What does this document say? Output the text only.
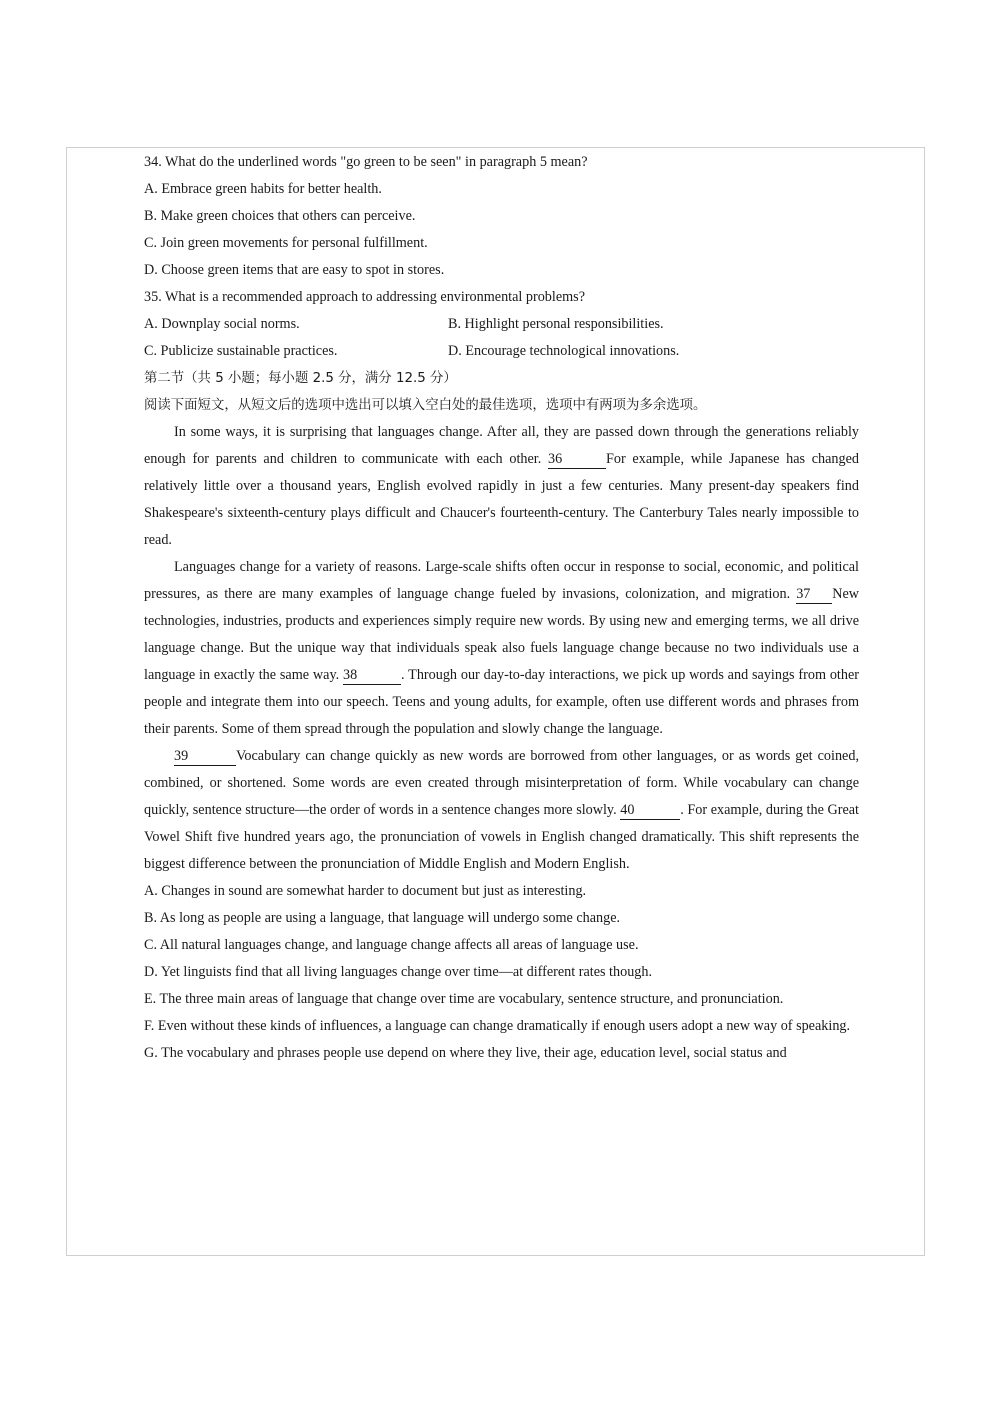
34. What do the underlined words "go green to be seen" in paragraph 5 mean?
A. Embrace green habits for better health.
B. Make green choices that others can perceive.
C. Join green movements for personal fulfillment.
D. Choose green items that are easy to spot in stores.
35. What is a recommended approach to addressing environmental problems?
A. Downplay social norms.	B. Highlight personal responsibilities.
C. Publicize sustainable practices.	D. Encourage technological innovations.
第二节（共 5 小题；每小题 2.5 分，满分 12.5 分）
阅读下面短文，从短文后的选项中选出可以填入空白处的最佳选项，选项中有两项为多余选项。
In some ways, it is surprising that languages change. After all, they are passed down through the generations reliably enough for parents and children to communicate with each other. 36	For example, while Japanese has changed relatively little over a thousand years, English evolved rapidly in just a few centuries. Many present-day speakers find Shakespeare's sixteenth-century plays difficult and Chaucer's fourteenth-century. The Canterbury Tales nearly impossible to read.
Languages change for a variety of reasons. Large-scale shifts often occur in response to social, economic, and political pressures, as there are many examples of language change fueled by invasions, colonization, and migration. 37 New technologies, industries, products and experiences simply require new words. By using new and emerging terms, we all drive language change. But the unique way that individuals speak also fuels language change because no two individuals use a language in exactly the same way. 38	. Through our day-to-day interactions, we pick up words and sayings from other people and integrate them into our speech. Teens and young adults, for example, often use different words and phrases from their parents. Some of them spread through the population and slowly change the language.
39	Vocabulary can change quickly as new words are borrowed from other languages, or as words get coined, combined, or shortened. Some words are even created through misinterpretation of form. While vocabulary can change quickly, sentence structure—the order of words in a sentence changes more slowly. 40	. For example, during the Great Vowel Shift five hundred years ago, the pronunciation of vowels in English changed dramatically. This shift represents the biggest difference between the pronunciation of Middle English and Modern English.
A. Changes in sound are somewhat harder to document but just as interesting.
B. As long as people are using a language, that language will undergo some change.
C. All natural languages change, and language change affects all areas of language use.
D. Yet linguists find that all living languages change over time—at different rates though.
E. The three main areas of language that change over time are vocabulary, sentence structure, and pronunciation.
F. Even without these kinds of influences, a language can change dramatically if enough users adopt a new way of speaking.
G. The vocabulary and phrases people use depend on where they live, their age, education level, social status and
